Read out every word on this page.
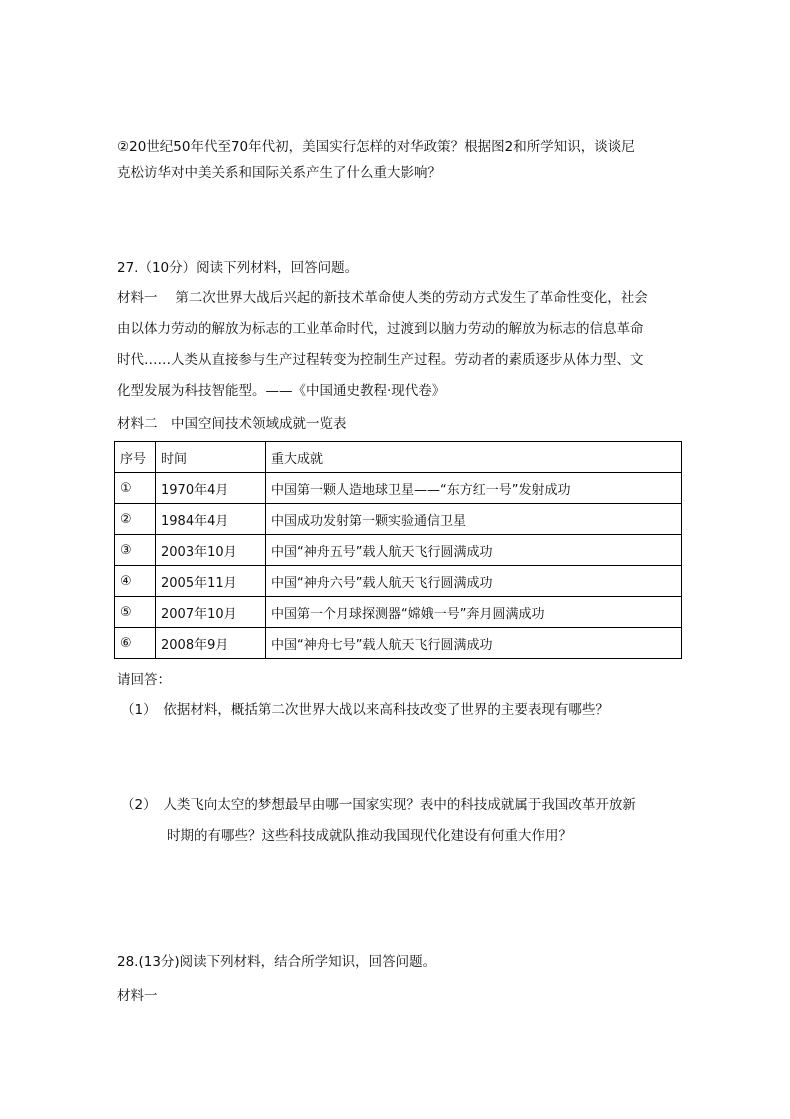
②20世纪50年代至70年代初，美国实行怎样的对华政策？根据图2和所学知识，谈谈尼
克松访华对中美关系和国际关系产生了什么重大影响？
27.（10分）阅读下列材料，回答问题。
材料一　 第二次世界大战后兴起的新技术革命使人类的劳动方式发生了革命性变化，社会
由以体力劳动的解放为标志的工业革命时代，过渡到以脑力劳动的解放为标志的信息革命
时代……人类从直接参与生产过程转变为控制生产过程。劳动者的素质逐步从体力型、文
化型发展为科技智能型。——《中国通史教程·现代卷》
材料二　中国空间技术领域成就一览表
序号	时间	重大成就
①	1970年4月	中国第一颗人造地球卫星——“东方红一号”发射成功
②	1984年4月	中国成功发射第一颗实验通信卫星
③	2003年10月	中国“神舟五号”载人航天飞行圆满成功
④	2005年11月	中国“神舟六号”载人航天飞行圆满成功
⑤	2007年10月	中国第一个月球探测器“嫦娥一号”奔月圆满成功
⑥	2008年9月	中国“神舟七号”载人航天飞行圆满成功
请回答：
（1）　依据材料，概括第二次世界大战以来高科技改变了世界的主要表现有哪些？
（2）　人类飞向太空的梦想最早由哪一国家实现？表中的科技成就属于我国改革开放新
时期的有哪些？这些科技成就队推动我国现代化建设有何重大作用？
28.(13分)阅读下列材料，结合所学知识，回答问题。
材料一
